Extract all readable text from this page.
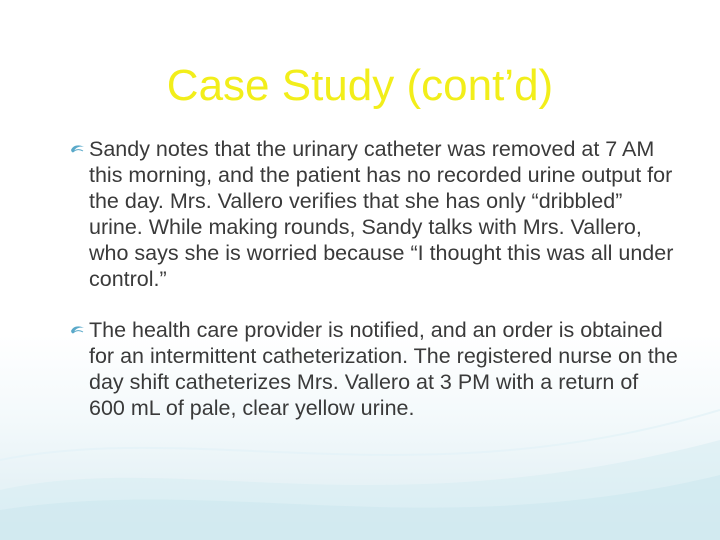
Case Study (cont’d)
Sandy notes that the urinary catheter was removed at 7 AM this morning, and the patient has no recorded urine output for the day. Mrs. Vallero verifies that she has only “dribbled” urine. While making rounds, Sandy talks with Mrs. Vallero, who says she is worried because “I thought this was all under control.”
The health care provider is notified, and an order is obtained for an intermittent catheterization. The registered nurse on the day shift catheterizes Mrs. Vallero at 3 PM with a return of 600 mL of pale, clear yellow urine.
